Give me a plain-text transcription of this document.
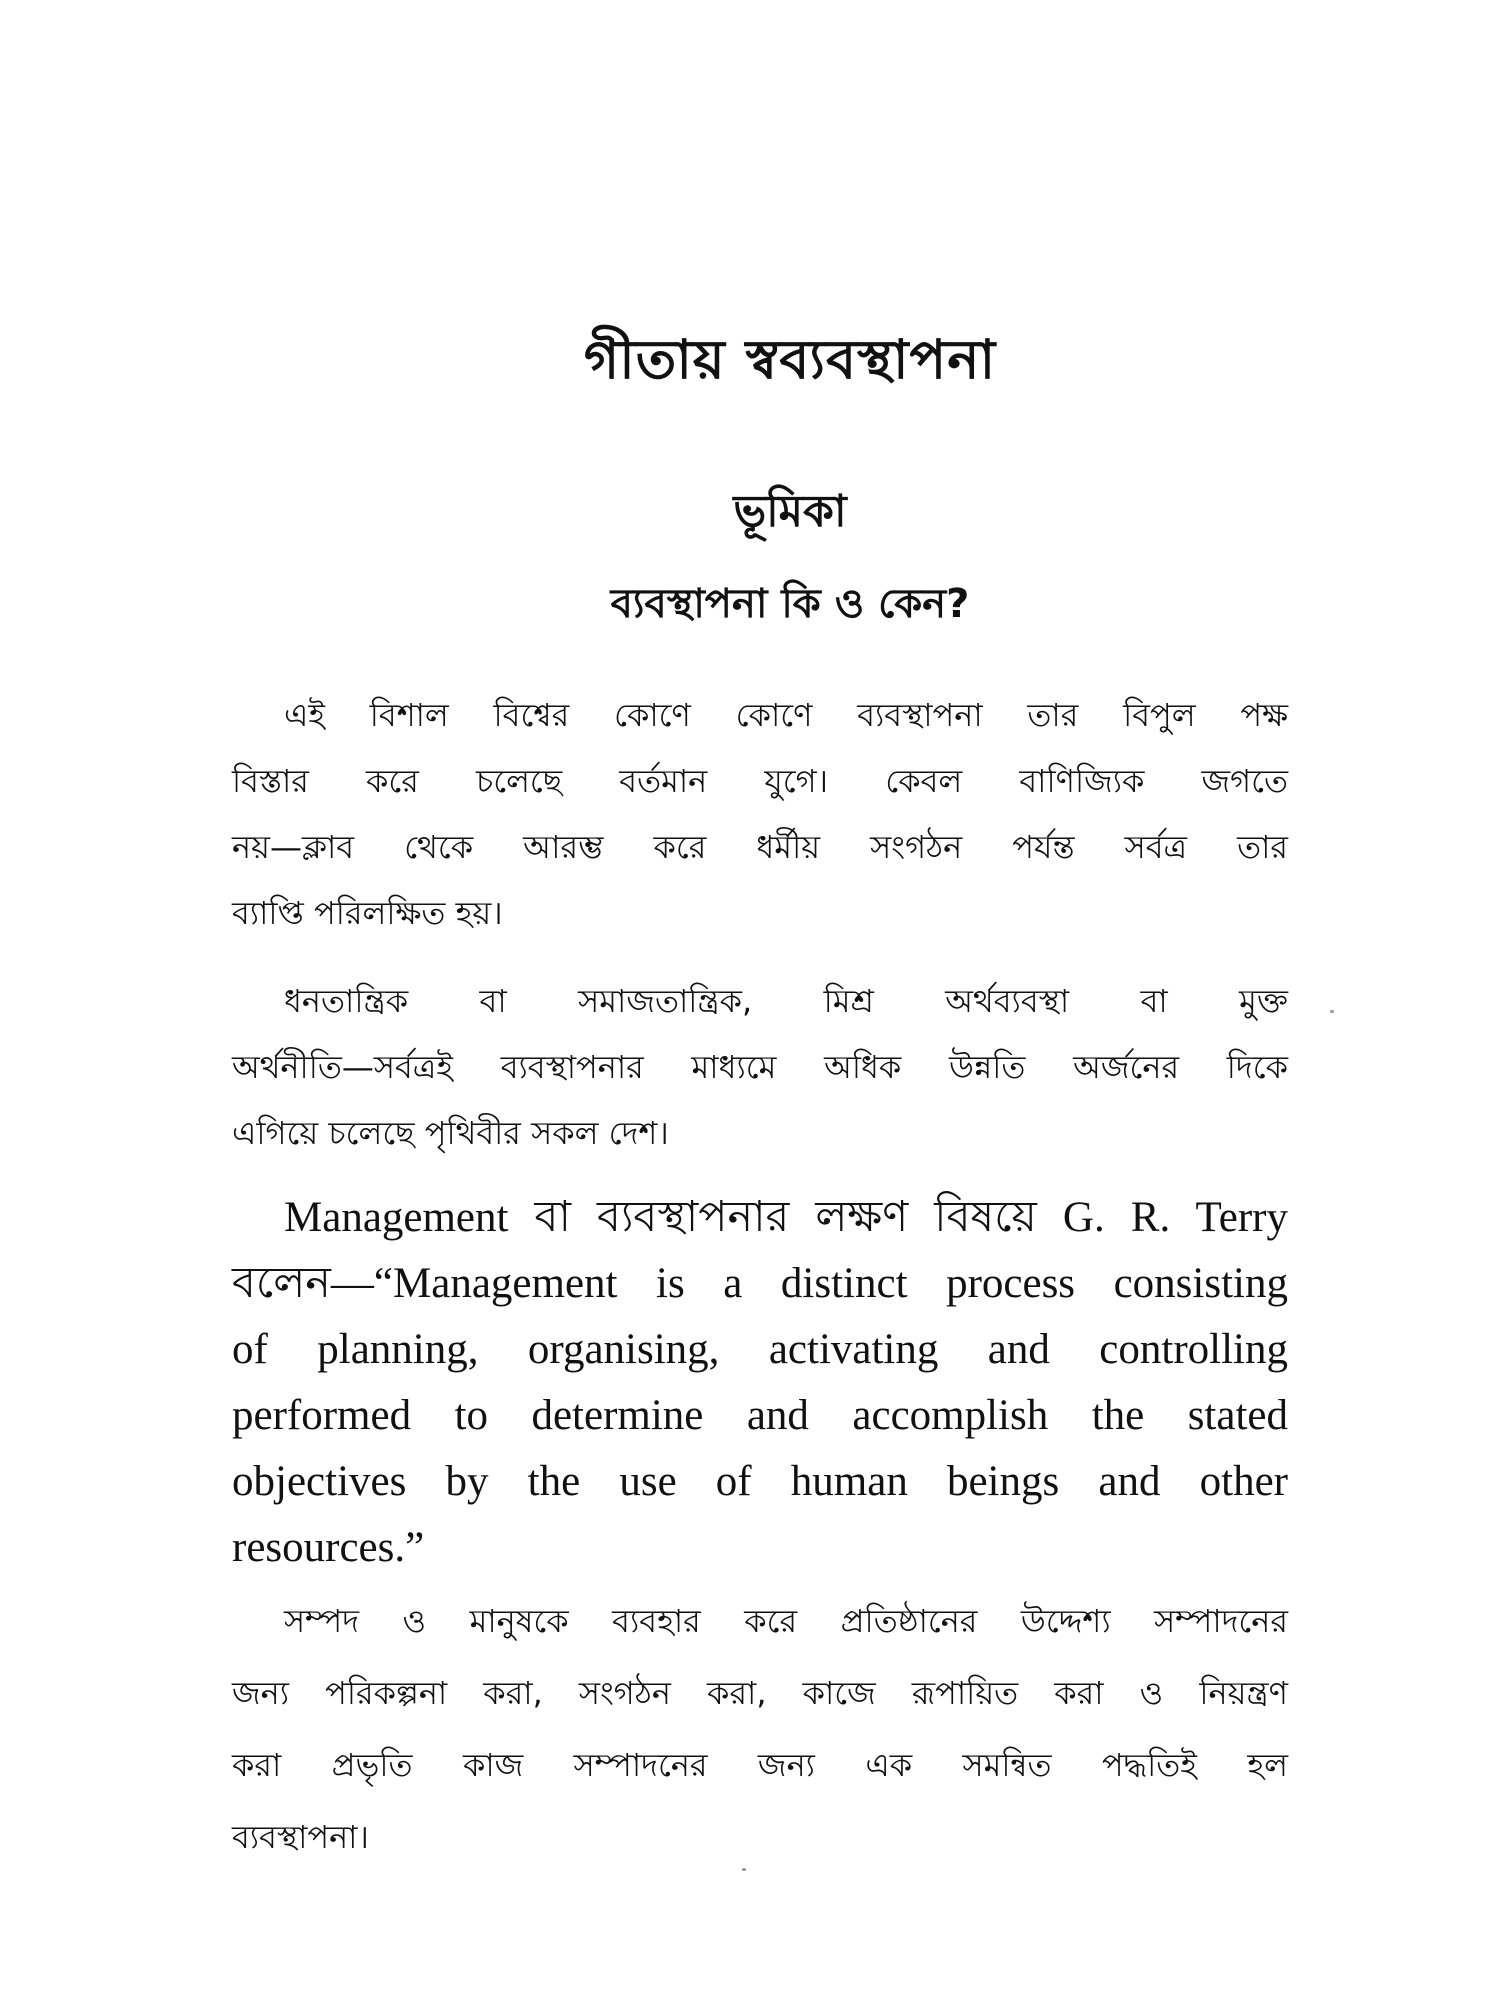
গীতায় স্বব্যবস্থাপনা
ভূমিকা
ব্যবস্থাপনা কি ও কেন?

এই বিশাল বিশ্বের কোণে কোণে ব্যবস্থাপনা তার বিপুল পক্ষ
বিস্তার করে চলেছে বর্তমান যুগে। কেবল বাণিজ্যিক জগতে
নয়—ক্লাব থেকে আরম্ভ করে ধর্মীয় সংগঠন পর্যন্ত সর্বত্র তার
ব্যাপ্তি পরিলক্ষিত হয়।

ধনতান্ত্রিক বা সমাজতান্ত্রিক, মিশ্র অর্থব্যবস্থা বা মুক্ত
অর্থনীতি—সর্বত্রই ব্যবস্থাপনার মাধ্যমে অধিক উন্নতি অর্জনের দিকে
এগিয়ে চলেছে পৃথিবীর সকল দেশ।

Management বা ব্যবস্থাপনার লক্ষণ বিষয়ে G. R. Terry
বলেন—“Management is a distinct process consisting
of planning, organising, activating and controlling
performed to determine and accomplish the stated
objectives by the use of human beings and other
resources.”

সম্পদ ও মানুষকে ব্যবহার করে প্রতিষ্ঠানের উদ্দেশ্য সম্পাদনের
জন্য পরিকল্পনা করা, সংগঠন করা, কাজে রূপায়িত করা ও নিয়ন্ত্রণ
করা প্রভৃতি কাজ সম্পাদনের জন্য এক সমন্বিত পদ্ধতিই হল
ব্যবস্থাপনা।
